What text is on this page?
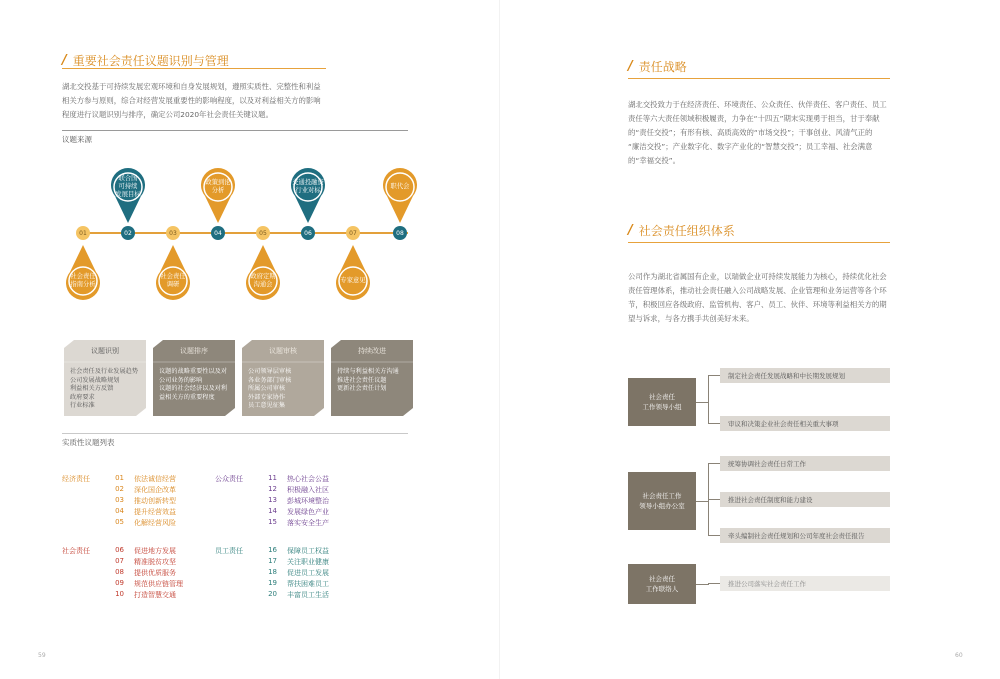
/ 重要社会责任议题识别与管理
湖北交投基于可持续发展宏观环境和自身发展规划，遵照实质性、完整性和利益
相关方参与原则，综合对经营发展重要性的影响程度，以及对利益相关方的影响
程度进行议题识别与排序，确定公司2020年社会责任关键议题。
议题来源
01	02	03	04	05	06	07	08
联合国
可持续
发展目标
政策到论
分析
交通投融资
行业对标
职代会
社会责任
指南分析
社会责任
调研
政府定期
沟通会
专家意见
议题识别
社会责任及行业发展趋势
公司发展战略规划
利益相关方反馈
政府要求
行业标准
议题排序
议题的战略重要性以及对
公司业务的影响
议题的社会经济以及对利
益相关方的重要程度
议题审核
公司领导层审核
各业务部门审核
所属公司审核
外部专家协作
员工意见征集
持续改进
持续与利益相关方沟通
推进社会责任议题
更新社会责任计划
实质性议题列表
经济责任	01 依法诚信经营
02 深化国企改革
03 推动创新转型
04 提升经营效益
05 化解经营风险
公众责任	11 热心社会公益
12 积极融入社区
13 彭城环境整治
14 发展绿色产业
15 落实安全生产
社会责任	06 促进地方发展
07 精准脱贫攻坚
08 提供优质服务
09 规范供应链管理
10 打造智慧交通
员工责任	16 保障员工权益
17 关注职业健康
18 促进员工发展
19 帮扶困难员工
20 丰富员工生活
59
/ 责任战略
湖北交投致力于在经济责任、环境责任、公众责任、伙伴责任、客户责任、员工
责任等六大责任领域积极履责，力争在“十四五”期末实现勇于担当，甘于奉献
的“责任交投”；有形有核、高质高效的“市场交投”；干事创业、风清气正的
“廉洁交投”；产业数字化、数字产业化的“智慧交投”；员工幸福、社会满意
的“幸福交投”。
/ 社会责任组织体系
公司作为湖北省属国有企业，以瑞做企业可持续发展能力为核心，持续优化社会
责任管理体系，推动社会责任融入公司战略发展、企业管理和业务运营等各个环
节，积极回应各级政府、监管机构、客户、员工、伙伴、环境等利益相关方的期
望与诉求，与各方携手共创美好未来。
社会责任
工作领导小组
制定社会责任发展战略和中长期发展规划
审议和决策企业社会责任相关重大事项
社会责任工作
领导小组办公室
统筹协调社会责任日常工作
推进社会责任制度和能力建设
牵头编制社会责任规划和公司年度社会责任报告
社会责任
工作联络人
推进公司落实社会责任工作
60
